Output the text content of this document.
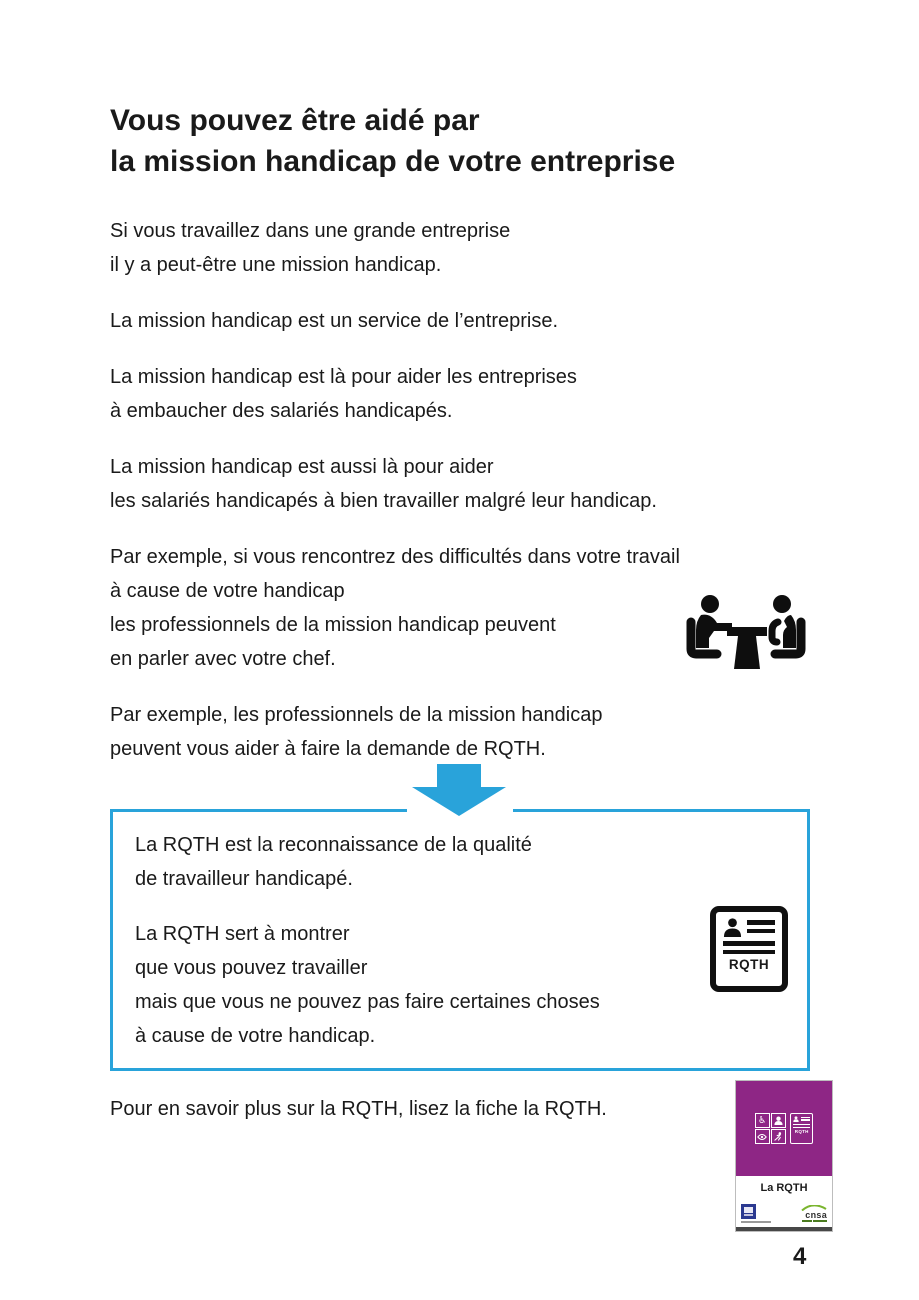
Vous pouvez être aidé par
la mission handicap de votre entreprise

Si vous travaillez dans une grande entreprise
il y a peut-être une mission handicap.

La mission handicap est un service de l’entreprise.

La mission handicap est là pour aider les entreprises
à embaucher des salariés handicapés.

La mission handicap est aussi là pour aider
les salariés handicapés à bien travailler malgré leur handicap.

Par exemple, si vous rencontrez des difficultés dans votre travail
à cause de votre handicap
les professionnels de la mission handicap peuvent
en parler avec votre chef.

Par exemple, les professionnels de la mission handicap
peuvent vous aider à faire la demande de RQTH.

La RQTH est la reconnaissance de la qualité
de travailleur handicapé.

La RQTH sert à montrer
que vous pouvez travailler
mais que vous ne pouvez pas faire certaines choses
à cause de votre handicap.

RQTH
Pour en savoir plus sur la RQTH, lisez la fiche la RQTH.	♿
RQTH
La RQTH
cnsa
4
